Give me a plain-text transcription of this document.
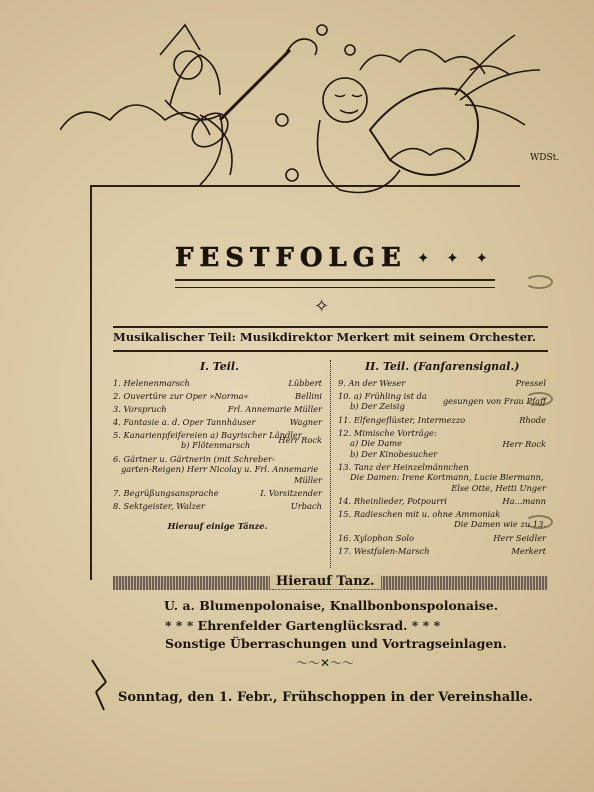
WDSt.
FESTFOLGE ✦ ✦ ✦
✧
Musikalischer Teil: Musikdirektor Merkert mit seinem Orchester.
I. Teil.
1. Helenenmarsch	Lübbert
2. Ouvertüre zur Oper »Norma«	Bellini
3. Vorspruch	Frl. Annemarie Müller
4. Fantasie a. d. Oper Tannhäuser	Wagner
5. Kanarienpfeifereien a) Bayrischer Ländler
b) Flötenmarsch
Herr Rock
6. Gärtner u. Gärtnerin (mit Schreber-
garten-Reigen) Herr Nicolay u. Frl. Annemarie
Müller
7. Begrüßungsansprache	I. Vorsitzender
8. Sektgeister, Walzer	Urbach
Hierauf einige Tänze.
II. Teil. (Fanfarensignal.)
9. An der Weser	Pressel
10. a) Frühling ist da
b) Der Zeisig
gesungen von Frau Pfaff
11. Elfengeflüster, Intermezzo	Rhode
12. Mimische Vorträge:
a) Die Dame
b) Der Kinobesucher
Herr Rock
13. Tanz der Heinzelmännchen
Die Damen: Irene Kortmann, Lucie Biermann,
Else Otte, Hetti Unger
14. Rheinlieder, Potpourri	Ha...mann
15. Radieschen mit u. ohne Ammoniak
Die Damen wie zu 13.
16. Xylophon Solo	Herr Seidler
17. Westfalen-Marsch	Merkert
Hierauf Tanz.
U. a. Blumenpolonaise, Knallbonbonspolonaise.
* * * Ehrenfelder Gartenglücksrad. * * *
Sonstige Überraschungen und Vortragseinlagen.
～～✕～～
Sonntag, den 1. Febr., Frühschoppen in der Vereinshalle.
